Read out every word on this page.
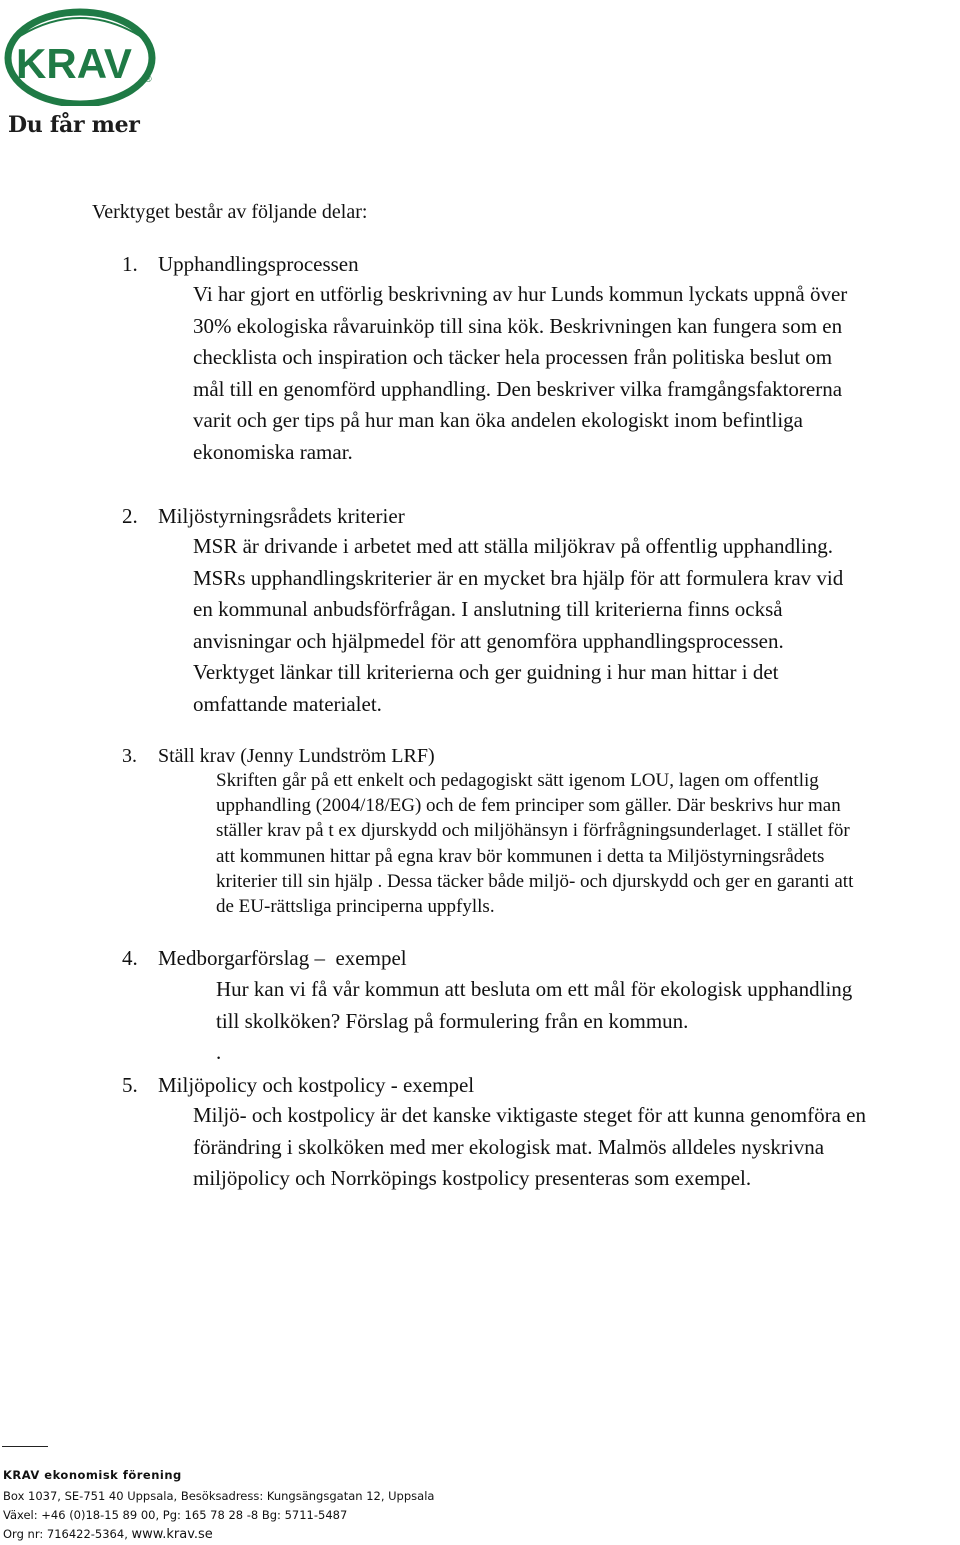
KRAV ®
Du får mer
Verktyget består av följande delar:
1. Upphandlingsprocessen

Vi har gjort en utförlig beskrivning av hur Lunds kommun lyckats uppnå över

30% ekologiska råvaruinköp till sina kök. Beskrivningen kan fungera som en

checklista och inspiration och täcker hela processen från politiska beslut om

mål till en genomförd upphandling. Den beskriver vilka framgångsfaktorerna

varit och ger tips på hur man kan öka andelen ekologiskt inom befintliga

ekonomiska ramar.

2. Miljöstyrningsrådets kriterier

MSR är drivande i arbetet med att ställa miljökrav på offentlig upphandling.

MSRs upphandlingskriterier är en mycket bra hjälp för att formulera krav vid

en kommunal anbudsförfrågan. I anslutning till kriterierna finns också

anvisningar och hjälpmedel för att genomföra upphandlingsprocessen.

Verktyget länkar till kriterierna och ger guidning i hur man hittar i det

omfattande materialet.

3. Ställ krav (Jenny Lundström LRF)

Skriften går på ett enkelt och pedagogiskt sätt igenom LOU, lagen om offentlig

upphandling (2004/18/EG) och de fem principer som gäller. Där beskrivs hur man

ställer krav på t ex djurskydd och miljöhänsyn i förfrågningsunderlaget. I stället för

att kommunen hittar på egna krav bör kommunen i detta ta Miljöstyrningsrådets

kriterier till sin hjälp . Dessa täcker både miljö- och djurskydd och ger en garanti att

de EU-rättsliga principerna uppfylls.

4. Medborgarförslag –  exempel

Hur kan vi få vår kommun att besluta om ett mål för ekologisk upphandling

till skolköken? Förslag på formulering från en kommun.

.

5. Miljöpolicy och kostpolicy - exempel

Miljö- och kostpolicy är det kanske viktigaste steget för att kunna genomföra en

förändring i skolköken med mer ekologisk mat. Malmös alldeles nyskrivna

miljöpolicy och Norrköpings kostpolicy presenteras som exempel.

KRAV ekonomisk förening
Box 1037, SE-751 40 Uppsala, Besöksadress: Kungsängsgatan 12, Uppsala
Växel: +46 (0)18-15 89 00, Pg: 165 78 28 -8 Bg: 5711-5487
Org nr: 716422-5364, www.krav.se
